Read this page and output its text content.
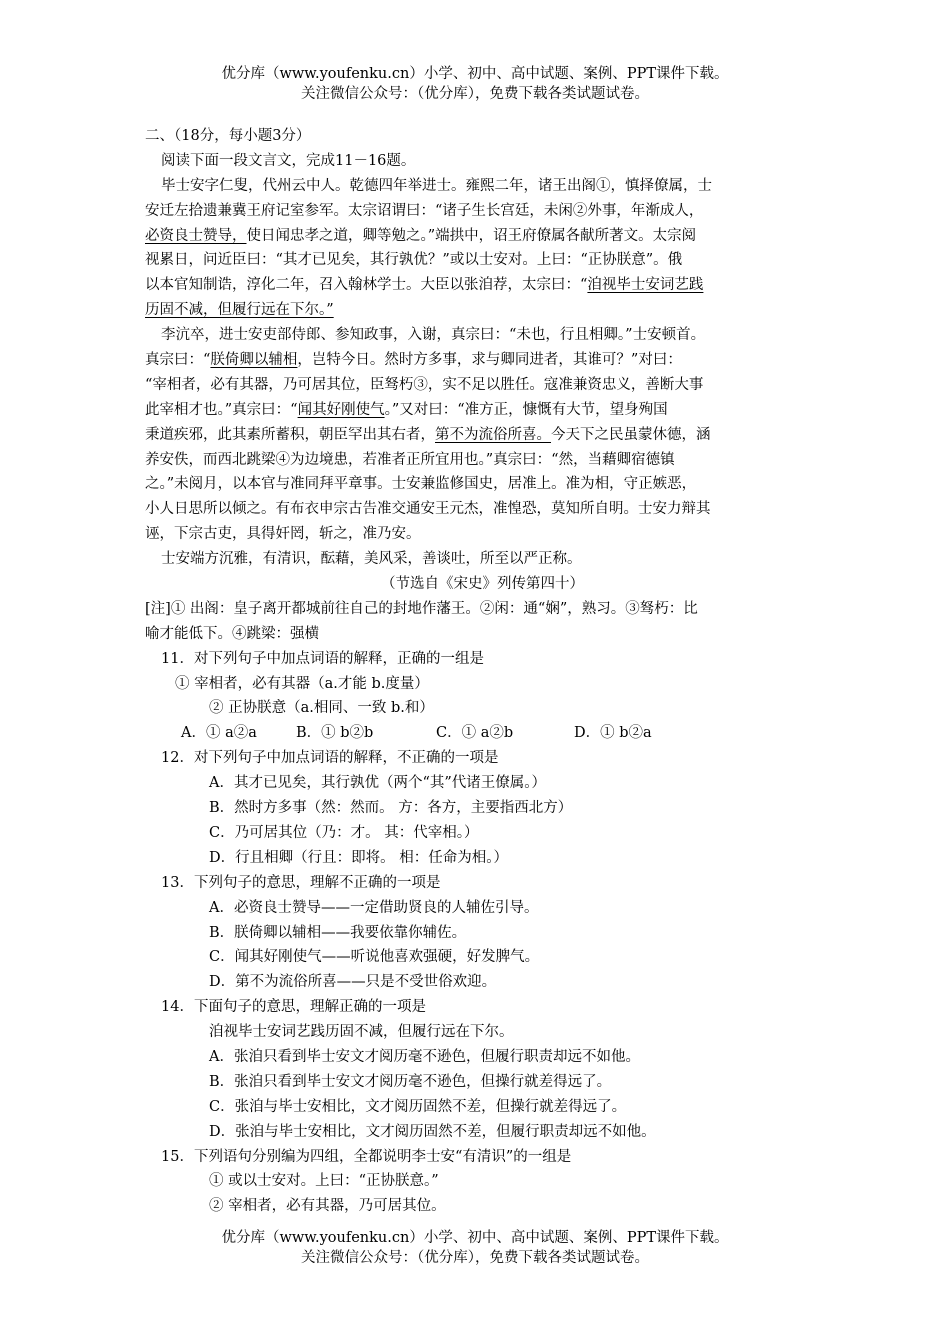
优分库（www.youfenku.cn）小学、初中、高中试题、案例、PPT课件下载。
关注微信公众号：（优分库），免费下载各类试题试卷。
二、（18分，每小题3分）
阅读下面一段文言文，完成11－16题。
毕士安字仁叟，代州云中人。乾德四年举进士。雍熙二年，诸王出阁①，慎择僚属，士
安迁左拾遗兼冀王府记室参军。太宗诏谓曰：“诸子生长宫廷，未闲②外事，年渐成人，
必资良士赞导，使日闻忠孝之道，卿等勉之。”端拱中，诏王府僚属各献所著文。太宗阅
视累日，问近臣曰：“其才已见矣，其行孰优？”或以士安对。上曰：“正协朕意”。俄
以本官知制诰，淳化二年，召入翰林学士。大臣以张洎荐，太宗曰：“洎视毕士安词艺践
历固不减，但履行远在下尔。”
李沆卒，进士安吏部侍郎、参知政事，入谢，真宗曰：“未也，行且相卿。”士安顿首。
真宗曰：“朕倚卿以辅相，岂特今日。然时方多事，求与卿同进者，其谁可？”对曰：
“宰相者，必有其器，乃可居其位，臣驽朽③，实不足以胜任。寇准兼资忠义，善断大事
此宰相才也。”真宗曰：“闻其好刚使气。”又对曰：“准方正，慷慨有大节，望身殉国
秉道疾邪，此其素所蓄积，朝臣罕出其右者，第不为流俗所喜。今天下之民虽蒙休德，涵
养安佚，而西北跳梁④为边境患，若准者正所宜用也。”真宗曰：“然，当藉卿宿德镇
之。”未阅月，以本官与准同拜平章事。士安兼监修国史，居准上。准为相，守正嫉恶，
小人日思所以倾之。有布衣申宗古告准交通安王元杰，准惶恐，莫知所自明。士安力辩其
诬，下宗古吏，具得奸罔，斩之，准乃安。
士安端方沉雅，有清识，酝藉，美风采，善谈吐，所至以严正称。
（节选自《宋史》列传第四十）
[注]① 出阁：皇子离开都城前往自己的封地作藩王。②闲：通“娴”，熟习。③驽朽：比
喻才能低下。④跳梁：强横
11．对下列句子中加点词语的解释，正确的一组是
① 宰相者，必有其器（a.才能 b.度量）
② 正协朕意（a.相同、一致 b.和）
A．① a②a	B．① b②b	C．① a②b	D．① b②a
12．对下列句子中加点词语的解释，不正确的一项是
A．其才已见矣，其行孰优（两个“其”代诸王僚属。）
B．然时方多事（然：然而。 方：各方，主要指西北方）
C．乃可居其位（乃：才。 其：代宰相。）
D．行且相卿（行且：即将。 相：任命为相。）
13．下列句子的意思，理解不正确的一项是
A．必资良士赞导——一定借助贤良的人辅佐引导。
B．朕倚卿以辅相——我要依靠你辅佐。
C．闻其好刚使气——听说他喜欢强硬，好发脾气。
D．第不为流俗所喜——只是不受世俗欢迎。
14．下面句子的意思，理解正确的一项是
洎视毕士安词艺践历固不减，但履行远在下尔。
A．张洎只看到毕士安文才阅历毫不逊色，但履行职责却远不如他。
B．张洎只看到毕士安文才阅历毫不逊色，但操行就差得远了。
C．张洎与毕士安相比，文才阅历固然不差，但操行就差得远了。
D．张洎与毕士安相比，文才阅历固然不差，但履行职责却远不如他。
15．下列语句分别编为四组，全都说明李士安“有清识”的一组是
① 或以士安对。上曰：“正协朕意。”
② 宰相者，必有其器，乃可居其位。
优分库（www.youfenku.cn）小学、初中、高中试题、案例、PPT课件下载。
关注微信公众号：（优分库），免费下载各类试题试卷。
